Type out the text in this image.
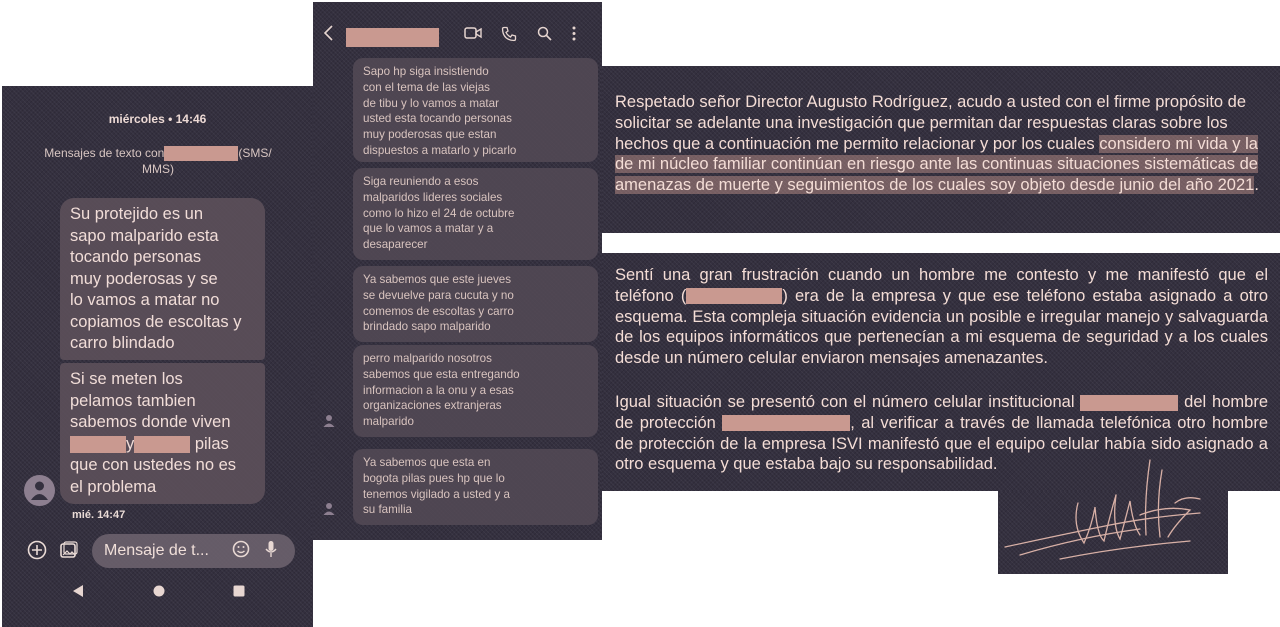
miércoles • 14:46
Mensajes de texto con	(SMS/
MMS)
Su protejido es un
sapo malparido esta
tocando personas
muy poderosas y se
lo vamos a matar no
copiamos de escoltas y
carro blindado
Si se meten los
pelamos tambien
sabemos donde viven
y	pilas
que con ustedes no es
el problema
mié. 14:47
Mensaje de t...
Sapo hp siga insistiendo
con el tema de las viejas
de tibu y lo vamos a matar
usted esta tocando personas
muy poderosas que estan
dispuestos a matarlo y picarlo
Siga reuniendo a esos
malparidos lideres sociales
como lo hizo el 24 de octubre
que lo vamos a matar y a
desaparecer
Ya sabemos que este jueves
se devuelve para cucuta y no
comemos de escoltas y carro
brindado sapo malparido
perro malparido nosotros
sabemos que esta entregando
informacion a la onu y a esas
organizaciones extranjeras
malparido
Ya sabemos que esta en
bogota pilas pues hp que lo
tenemos vigilado a usted y a
su familia
Respetado señor Director Augusto Rodríguez, acudo a usted con el firme propósito de solicitar se adelante una investigación que permitan dar respuestas claras sobre los hechos que a continuación me permito relacionar y por los cuales considero mi vida y la de mi núcleo familiar continúan en riesgo ante las continuas situaciones sistemáticas de amenazas de muerte y seguimientos de los cuales soy objeto desde junio del año 2021.
Sentí una gran frustración cuando un hombre me contesto y me manifestó que el teléfono (	) era de la empresa y que ese teléfono estaba asignado a otro esquema. Esta compleja situación evidencia un posible e irregular manejo y salvaguarda de los equipos informáticos que pertenecían a mi esquema de seguridad y a los cuales desde un número celular enviaron mensajes amenazantes.
Igual situación se presentó con el número celular institucional	del hombre de protección	, al verificar a través de llamada telefónica otro hombre de protección de la empresa ISVI manifestó que el equipo celular había sido asignado a otro esquema y que estaba bajo su responsabilidad.
